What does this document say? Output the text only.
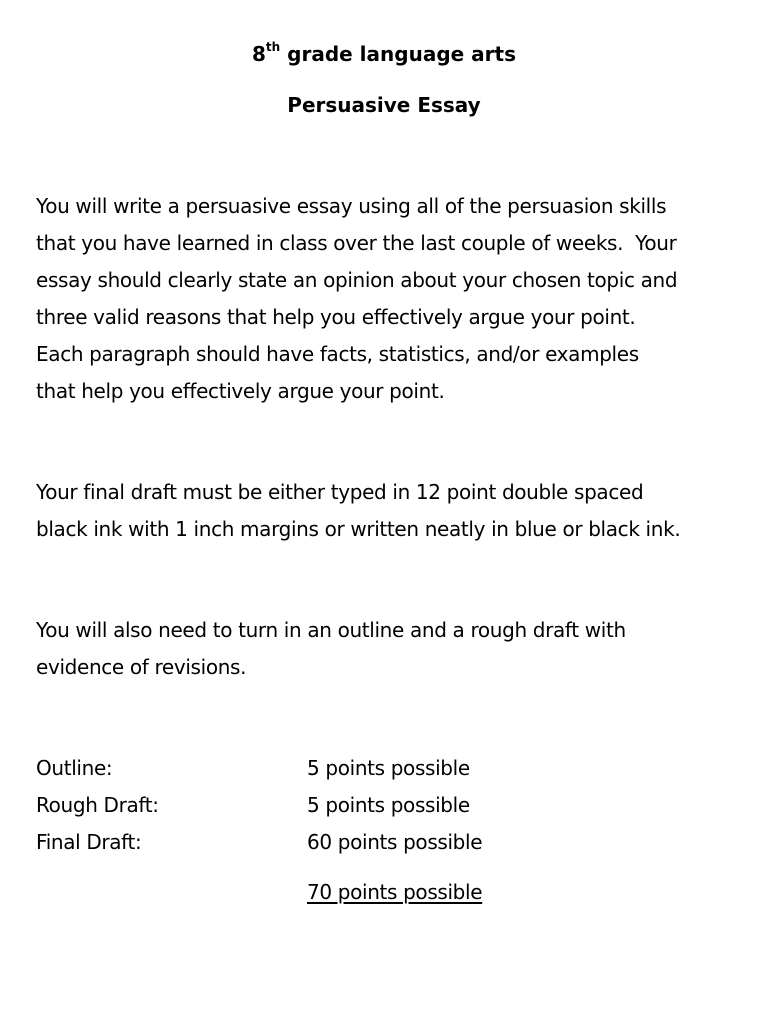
8th grade language arts
Persuasive Essay
You will write a persuasive essay using all of the persuasion skills
that you have learned in class over the last couple of weeks.  Your
essay should clearly state an opinion about your chosen topic and
three valid reasons that help you effectively argue your point.
Each paragraph should have facts, statistics, and/or examples
that help you effectively argue your point.
Your final draft must be either typed in 12 point double spaced
black ink with 1 inch margins or written neatly in blue or black ink.
You will also need to turn in an outline and a rough draft with
evidence of revisions.
Outline:	5 points possible
Rough Draft:	5 points possible
Final Draft:	60 points possible
70 points possible
